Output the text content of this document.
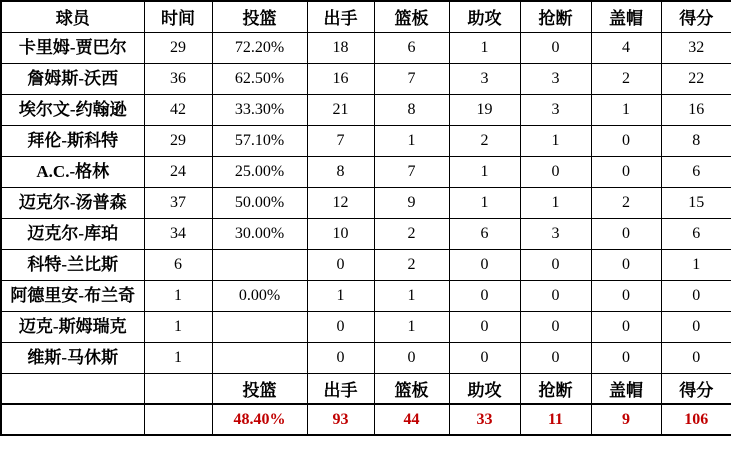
球员	时间	投篮	出手	篮板	助攻	抢断	盖帽	得分

卡里姆-贾巴尔	29	72.20%	18	6	1	0	4	32

詹姆斯-沃西	36	62.50%	16	7	3	3	2	22

埃尔文-约翰逊	42	33.30%	21	8	19	3	1	16

拜伦-斯科特	29	57.10%	7	1	2	1	0	8

A.C.-格林	24	25.00%	8	7	1	0	0	6

迈克尔-汤普森	37	50.00%	12	9	1	1	2	15

迈克尔-库珀	34	30.00%	10	2	6	3	0	6

科特-兰比斯	6		0	2	0	0	0	1

阿德里安-布兰奇	1	0.00%	1	1	0	0	0	0

迈克-斯姆瑞克	1		0	1	0	0	0	0

维斯-马休斯	1		0	0	0	0	0	0
		投篮	出手	篮板	助攻	抢断	盖帽	得分
		48.40%	93	44	33	11	9	106
